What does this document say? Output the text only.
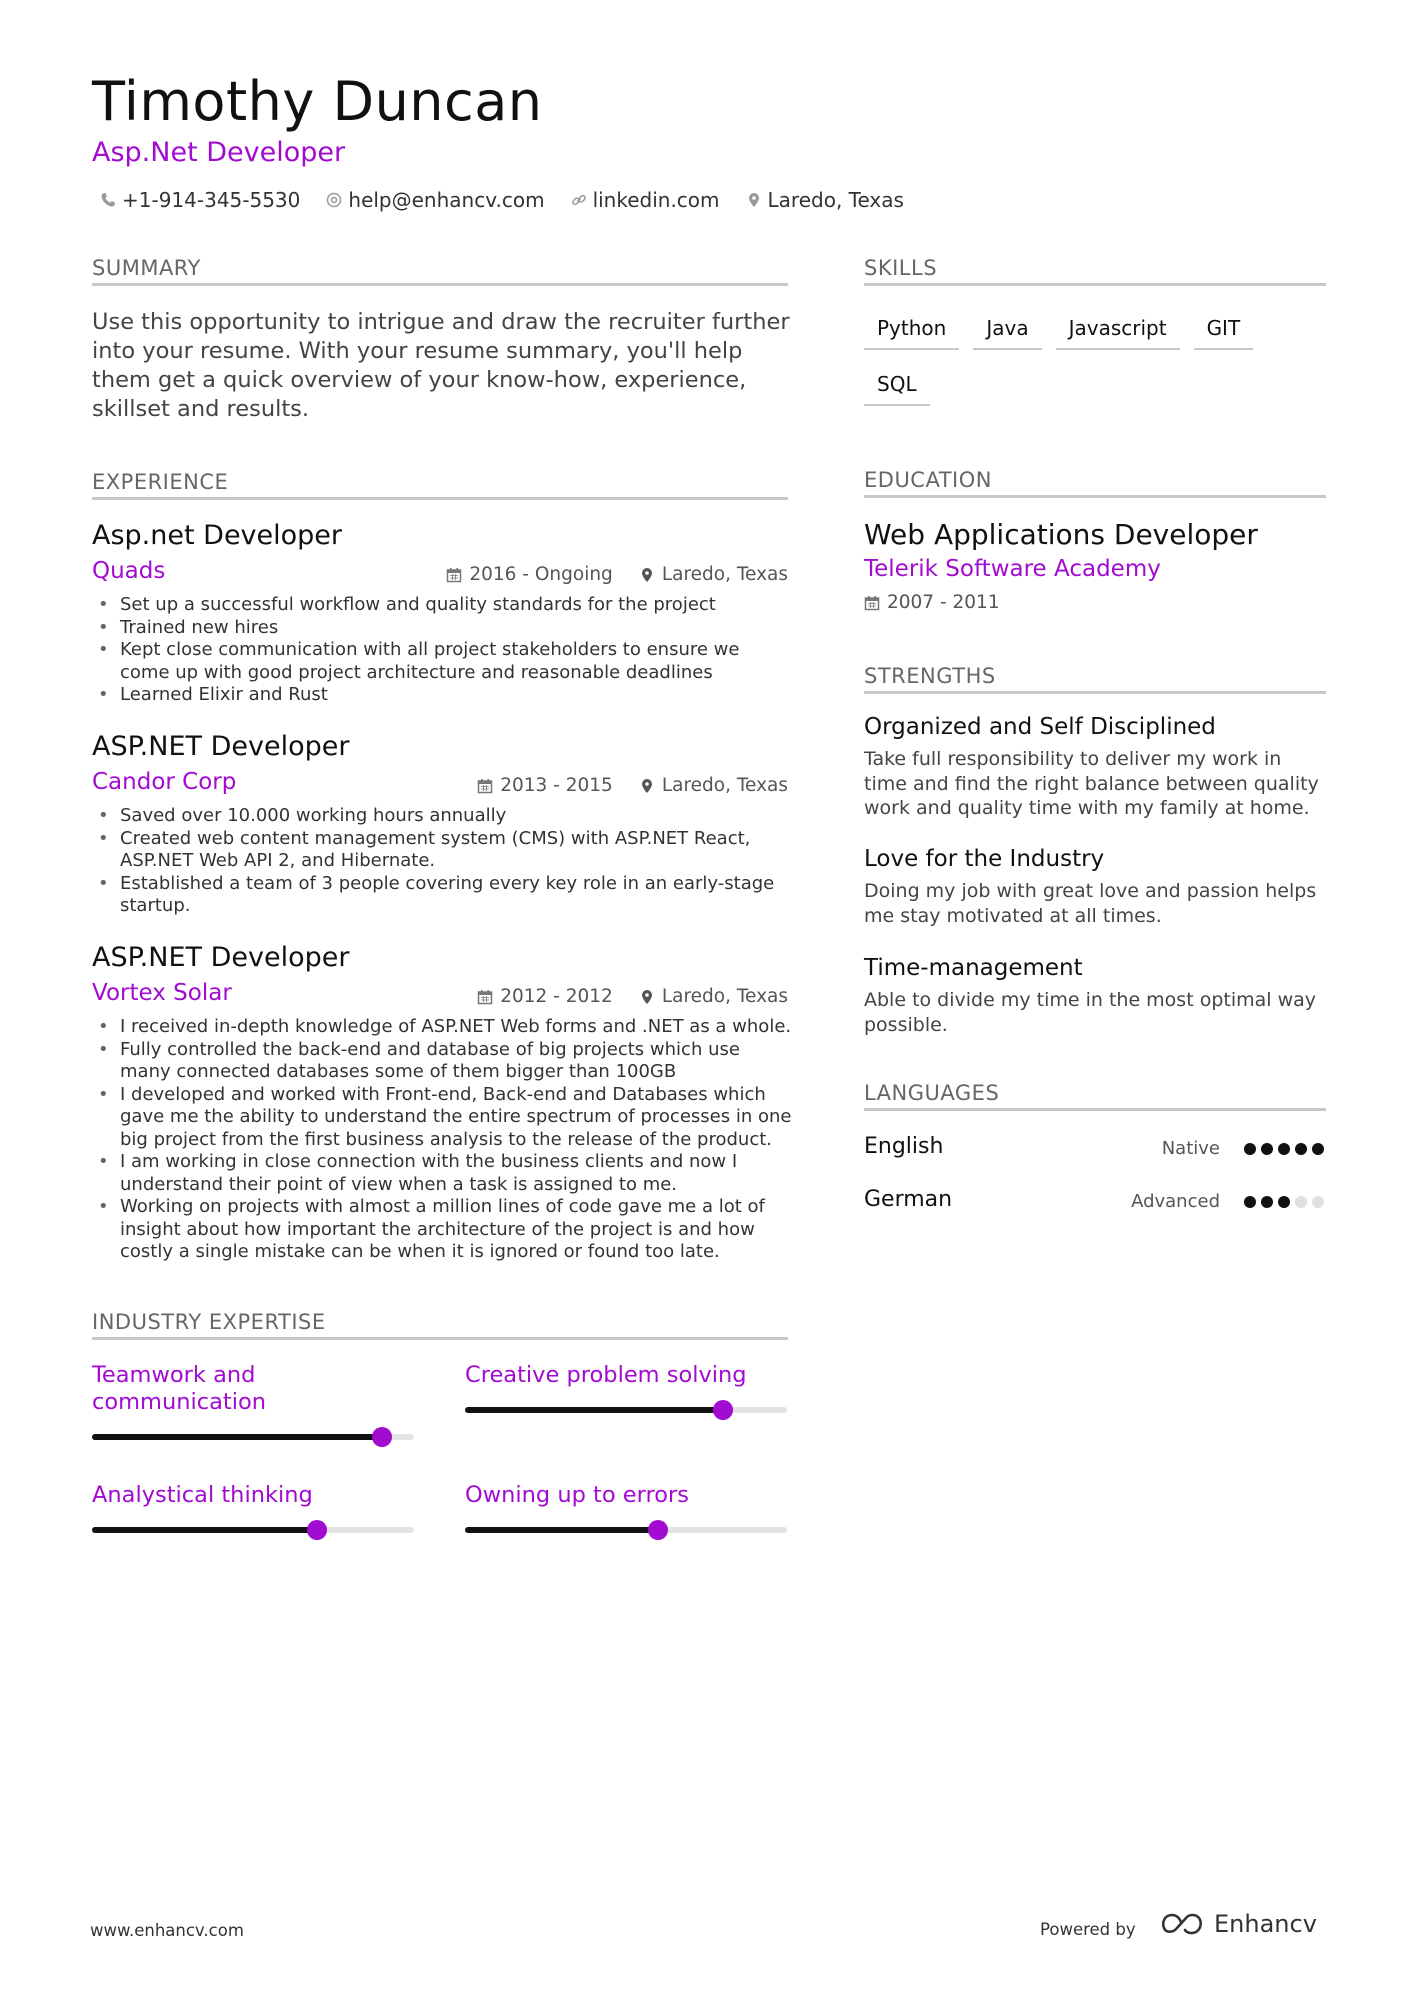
Timothy Duncan
Asp.Net Developer
+1-914-345-5530 help@enhancv.com linkedin.com Laredo, Texas
SUMMARY
Use this opportunity to intrigue and draw the recruiter further into your resume. With your resume summary, you'll help them get a quick overview of your know-how, experience, skillset and results.
EXPERIENCE
Asp.net Developer
Quads	2016 - Ongoing	Laredo, Texas
• Set up a successful workflow and quality standards for the project
• Trained new hires
• Kept close communication with all project stakeholders to ensure we come up with good project architecture and reasonable deadlines
• Learned Elixir and Rust
ASP.NET Developer
Candor Corp	2013 - 2015	Laredo, Texas
• Saved over 10.000 working hours annually
• Created web content management system (CMS) with ASP.NET React, ASP.NET Web API 2, and Hibernate.
• Established a team of 3 people covering every key role in an early-stage startup.
ASP.NET Developer
Vortex Solar	2012 - 2012	Laredo, Texas
• I received in-depth knowledge of ASP.NET Web forms and .NET as a whole.
• Fully controlled the back-end and database of big projects which use many connected databases some of them bigger than 100GB
• I developed and worked with Front-end, Back-end and Databases which gave me the ability to understand the entire spectrum of processes in one big project from the first business analysis to the release of the product.
• I am working in close connection with the business clients and now I understand their point of view when a task is assigned to me.
• Working on projects with almost a million lines of code gave me a lot of insight about how important the architecture of the project is and how costly a single mistake can be when it is ignored or found too late.
INDUSTRY EXPERTISE
Teamwork and communication
Creative problem solving
Analystical thinking	Owning up to errors
SKILLS
Python	Java	Javascript	GIT
SQL
EDUCATION
Web Applications Developer
Telerik Software Academy
2007 - 2011
STRENGTHS
Organized and Self Disciplined
Take full responsibility to deliver my work in time and find the right balance between quality work and quality time with my family at home.
Love for the Industry
Doing my job with great love and passion helps me stay motivated at all times.
Time-management
Able to divide my time in the most optimal way possible.
LANGUAGES
English	Native
German	Advanced
www.enhancv.com	Powered by	Enhancv
